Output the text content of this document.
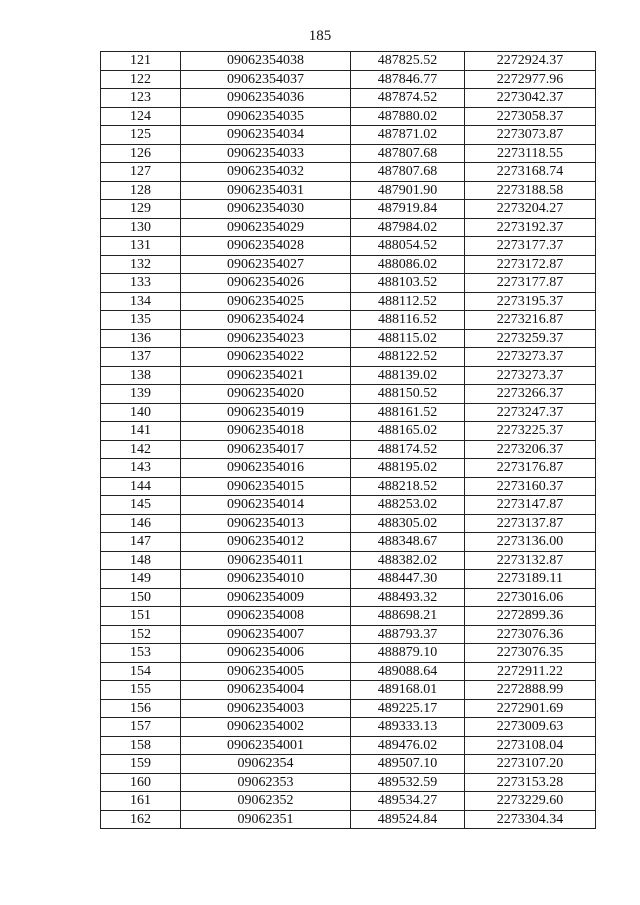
185
121	09062354038	487825.52	2272924.37
122	09062354037	487846.77	2272977.96
123	09062354036	487874.52	2273042.37
124	09062354035	487880.02	2273058.37
125	09062354034	487871.02	2273073.87
126	09062354033	487807.68	2273118.55
127	09062354032	487807.68	2273168.74
128	09062354031	487901.90	2273188.58
129	09062354030	487919.84	2273204.27
130	09062354029	487984.02	2273192.37
131	09062354028	488054.52	2273177.37
132	09062354027	488086.02	2273172.87
133	09062354026	488103.52	2273177.87
134	09062354025	488112.52	2273195.37
135	09062354024	488116.52	2273216.87
136	09062354023	488115.02	2273259.37
137	09062354022	488122.52	2273273.37
138	09062354021	488139.02	2273273.37
139	09062354020	488150.52	2273266.37
140	09062354019	488161.52	2273247.37
141	09062354018	488165.02	2273225.37
142	09062354017	488174.52	2273206.37
143	09062354016	488195.02	2273176.87
144	09062354015	488218.52	2273160.37
145	09062354014	488253.02	2273147.87
146	09062354013	488305.02	2273137.87
147	09062354012	488348.67	2273136.00
148	09062354011	488382.02	2273132.87
149	09062354010	488447.30	2273189.11
150	09062354009	488493.32	2273016.06
151	09062354008	488698.21	2272899.36
152	09062354007	488793.37	2273076.36
153	09062354006	488879.10	2273076.35
154	09062354005	489088.64	2272911.22
155	09062354004	489168.01	2272888.99
156	09062354003	489225.17	2272901.69
157	09062354002	489333.13	2273009.63
158	09062354001	489476.02	2273108.04
159	09062354	489507.10	2273107.20
160	09062353	489532.59	2273153.28
161	09062352	489534.27	2273229.60
162	09062351	489524.84	2273304.34
